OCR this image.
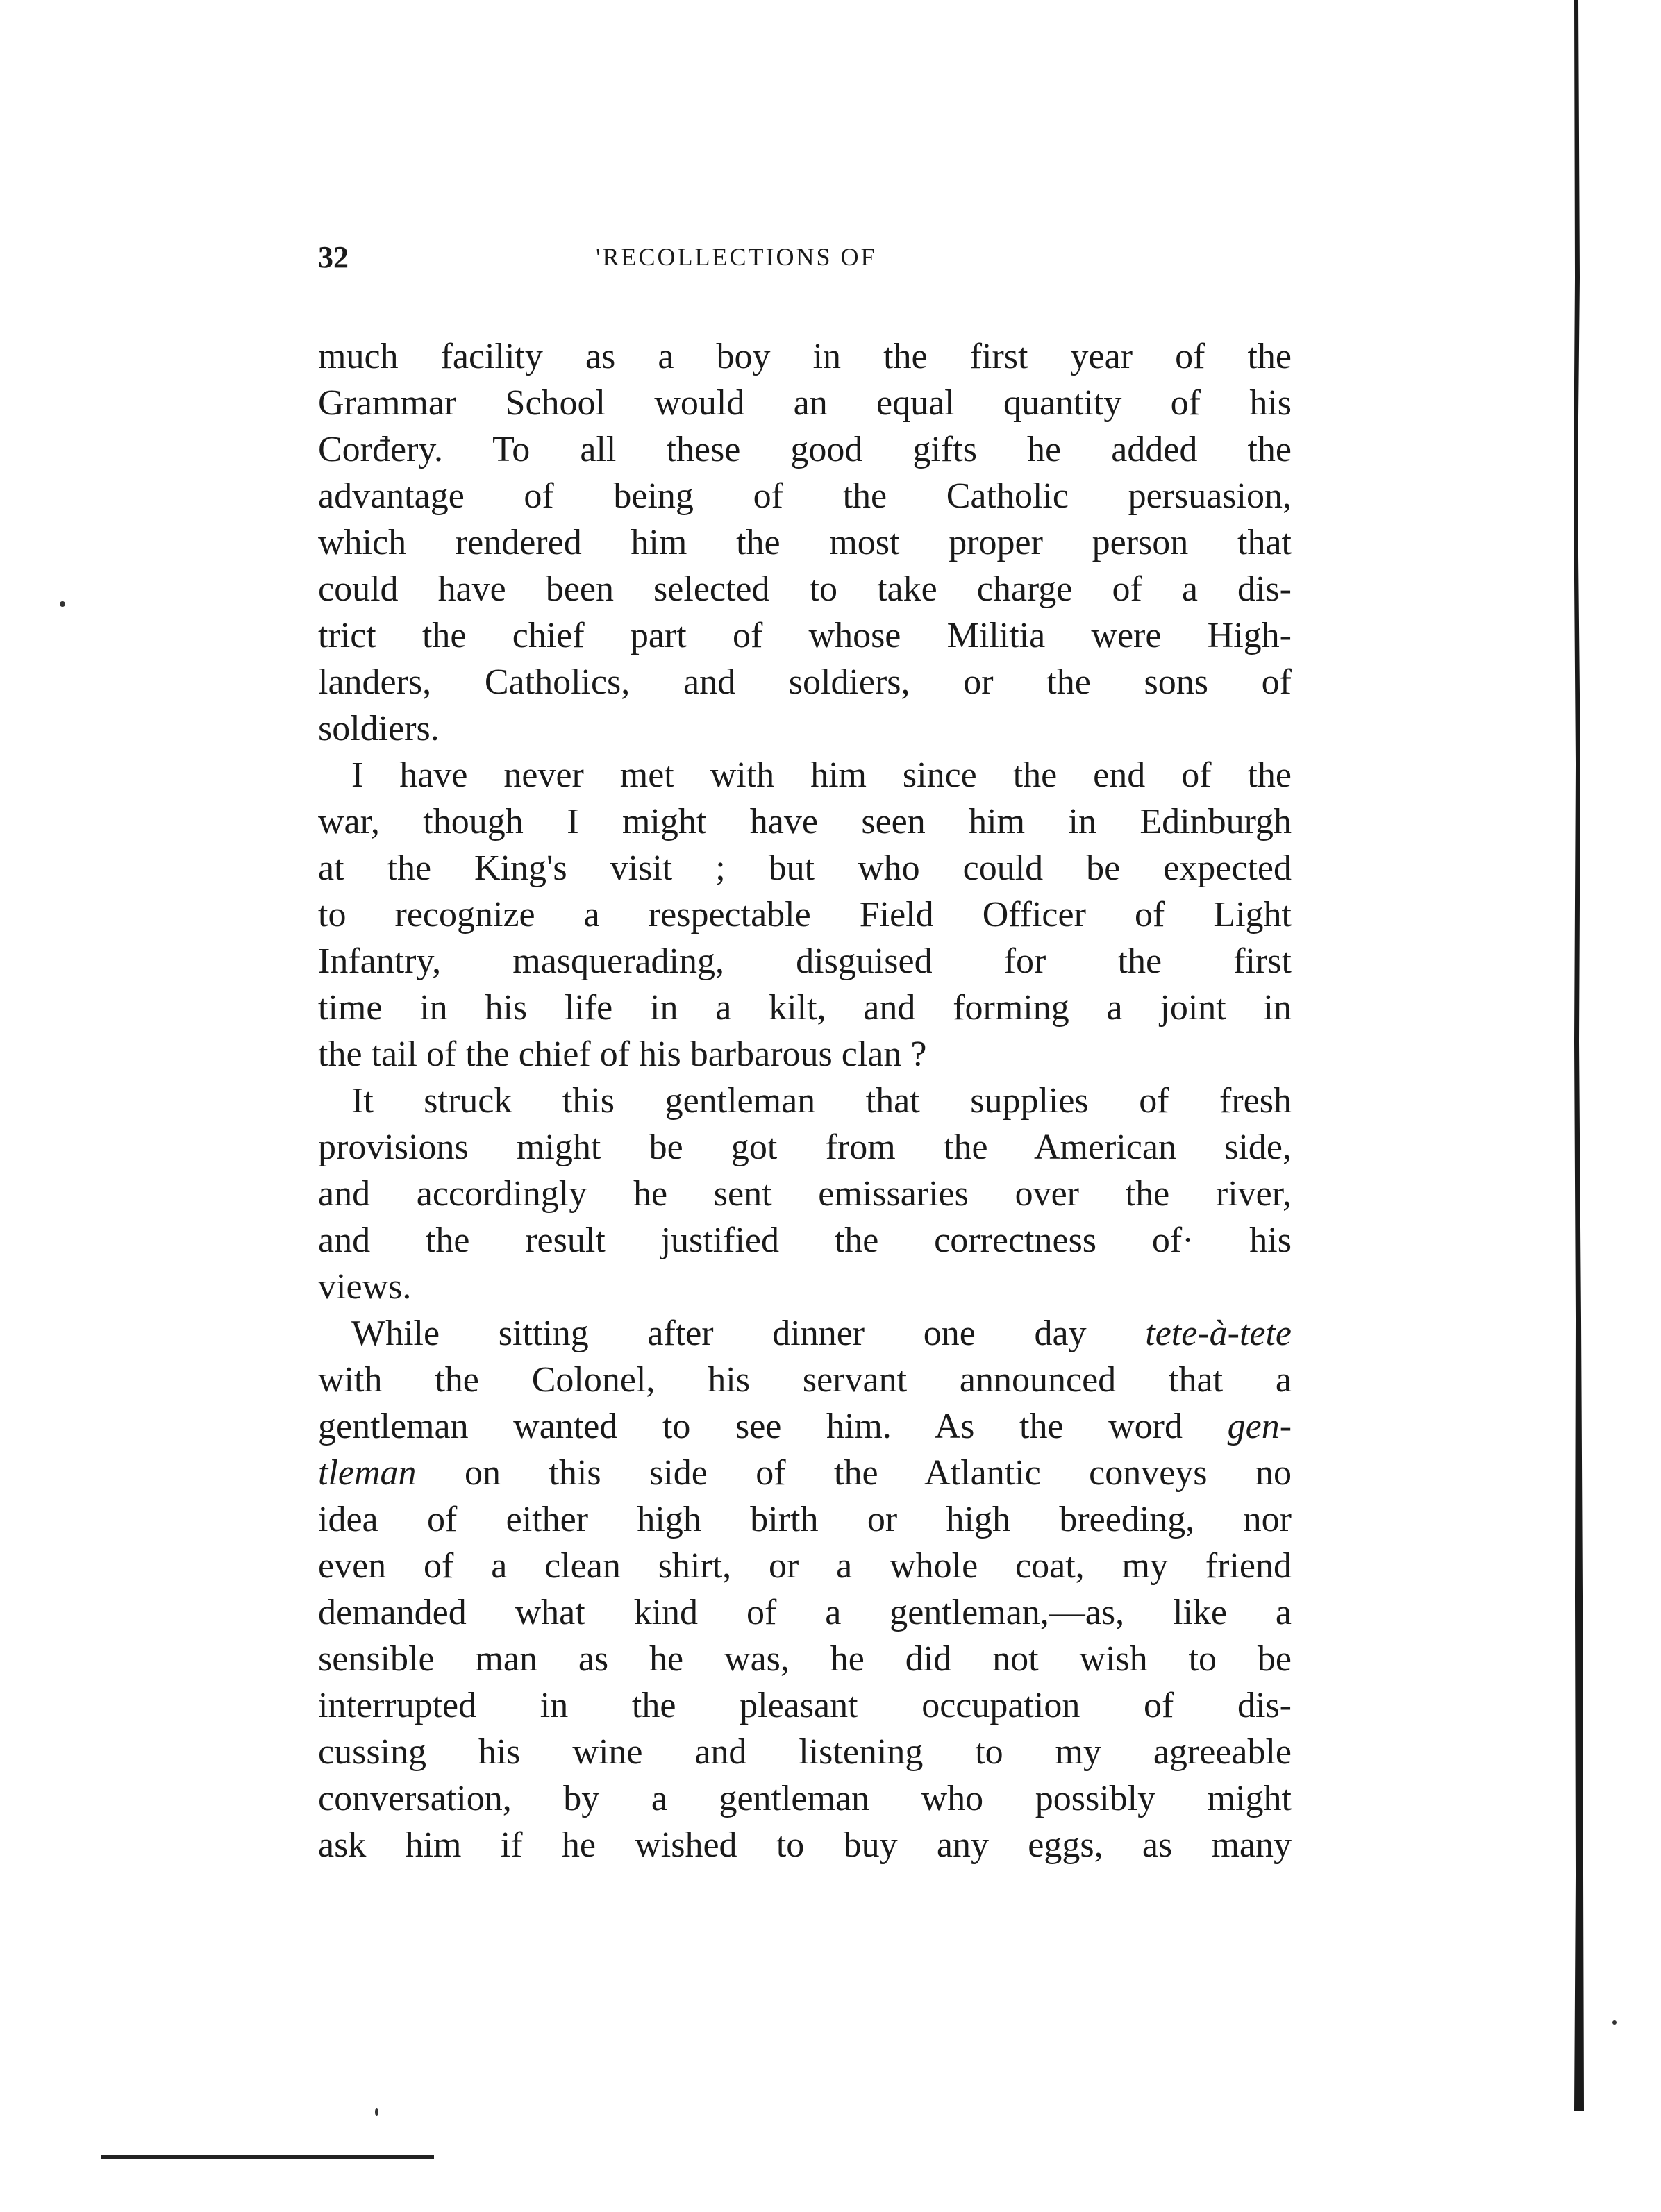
32	'RECOLLECTIONS OF
much facility as a boy in the first year of the
Grammar School would an equal quantity of his
Corđery. To all these good gifts he added the
advantage of being of the Catholic persuasion,
which rendered him the most proper person that
could have been selected to take charge of a dis-
trict the chief part of whose Militia were High-
landers, Catholics, and soldiers, or the sons of
soldiers.
I have never met with him since the end of the
war, though I might have seen him in Edinburgh
at the King's visit ; but who could be expected
to recognize a respectable Field Officer of Light
Infantry, masquerading, disguised for the first
time in his life in a kilt, and forming a joint in
the tail of the chief of his barbarous clan ?
It struck this gentleman that supplies of fresh
provisions might be got from the American side,
and accordingly he sent emissaries over the river,
and the result justified the correctness of· his
views.
While sitting after dinner one day tete-à-tete
with the Colonel, his servant announced that a
gentleman wanted to see him. As the word gen-
tleman on this side of the Atlantic conveys no
idea of either high birth or high breeding, nor
even of a clean shirt, or a whole coat, my friend
demanded what kind of a gentleman,—as, like a
sensible man as he was, he did not wish to be
interrupted in the pleasant occupation of dis-
cussing his wine and listening to my agreeable
conversation, by a gentleman who possibly might
ask him if he wished to buy any eggs, as many
